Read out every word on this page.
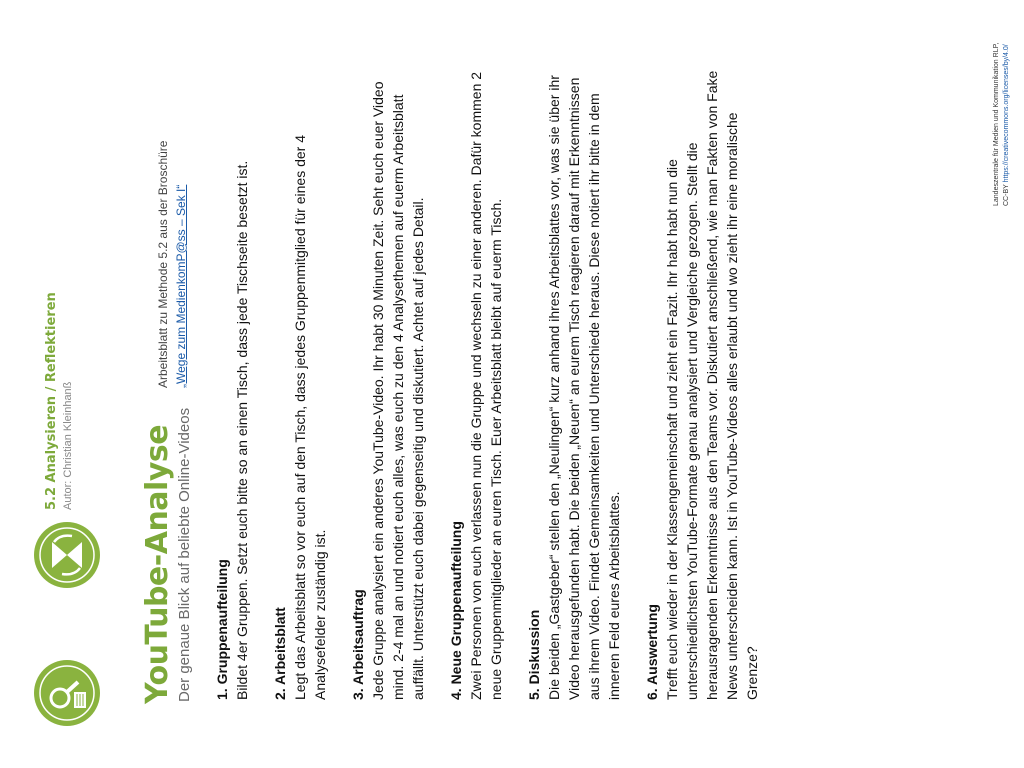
YouTube-Analyse Der genaue Blick auf beliebte Online-Videos
5.2 Analysieren / Reflektieren Autor: Christian Kleinhanß
Arbeitsblatt zu Methode 5.2 aus der Broschüre „Wege zum MedienkomP@ss – Sek I“
1. Gruppenaufteilung Bildet 4er Gruppen. Setzt euch bitte so an einen Tisch, dass jede Tischseite besetzt ist. 2. Arbeitsblatt Legt das Arbeitsblatt so vor euch auf den Tisch, dass jedes Gruppenmitglied für eines der 4 Analysefelder zuständig ist. 3. Arbeitsauftrag Jede Gruppe analysiert ein anderes YouTube-Video. Ihr habt 30 Minuten Zeit. Seht euch euer Video mind. 2-4 mal an und notiert euch alles, was euch zu den 4 Analysethemen auf euerm Arbeitsblatt auffällt. Unterstützt euch dabei gegenseitig und diskutiert. Achtet auf jedes Detail. 4. Neue Gruppenaufteilung Zwei Personen von euch verlassen nun die Gruppe und wechseln zu einer anderen. Dafür kommen 2 neue Gruppenmitglieder an euren Tisch. Euer Arbeitsblatt bleibt auf euerm Tisch. 5. Diskussion Die beiden „Gastgeber“ stellen den „Neulingen“ kurz anhand ihres Arbeitsblattes vor, was sie über ihr Video herausgefunden habt. Die beiden „Neuen“ an eurem Tisch reagieren darauf mit Erkenntnissen aus ihrem Video. Findet Gemeinsamkeiten und Unterschiede heraus. Diese notiert ihr bitte in dem inneren Feld eures Arbeitsblattes. 6. Auswertung Trefft euch wieder in der Klassengemeinschaft und zieht ein Fazit. Ihr habt habt nun die unterschiedlichsten YouTube-Formate genau analysiert und Vergleiche gezogen. Stellt die herausragenden Erkenntnisse aus den Teams vor. Diskutiert anschließend, wie man Fakten von Fake News unterscheiden kann. Ist in YouTube-Videos alles erlaubt und wo zieht ihr eine moralische Grenze?

Landeszentrale für Medien und Kommunikation RLP, CC-BY https://creativecommons.org/licenses/by/4.0/
